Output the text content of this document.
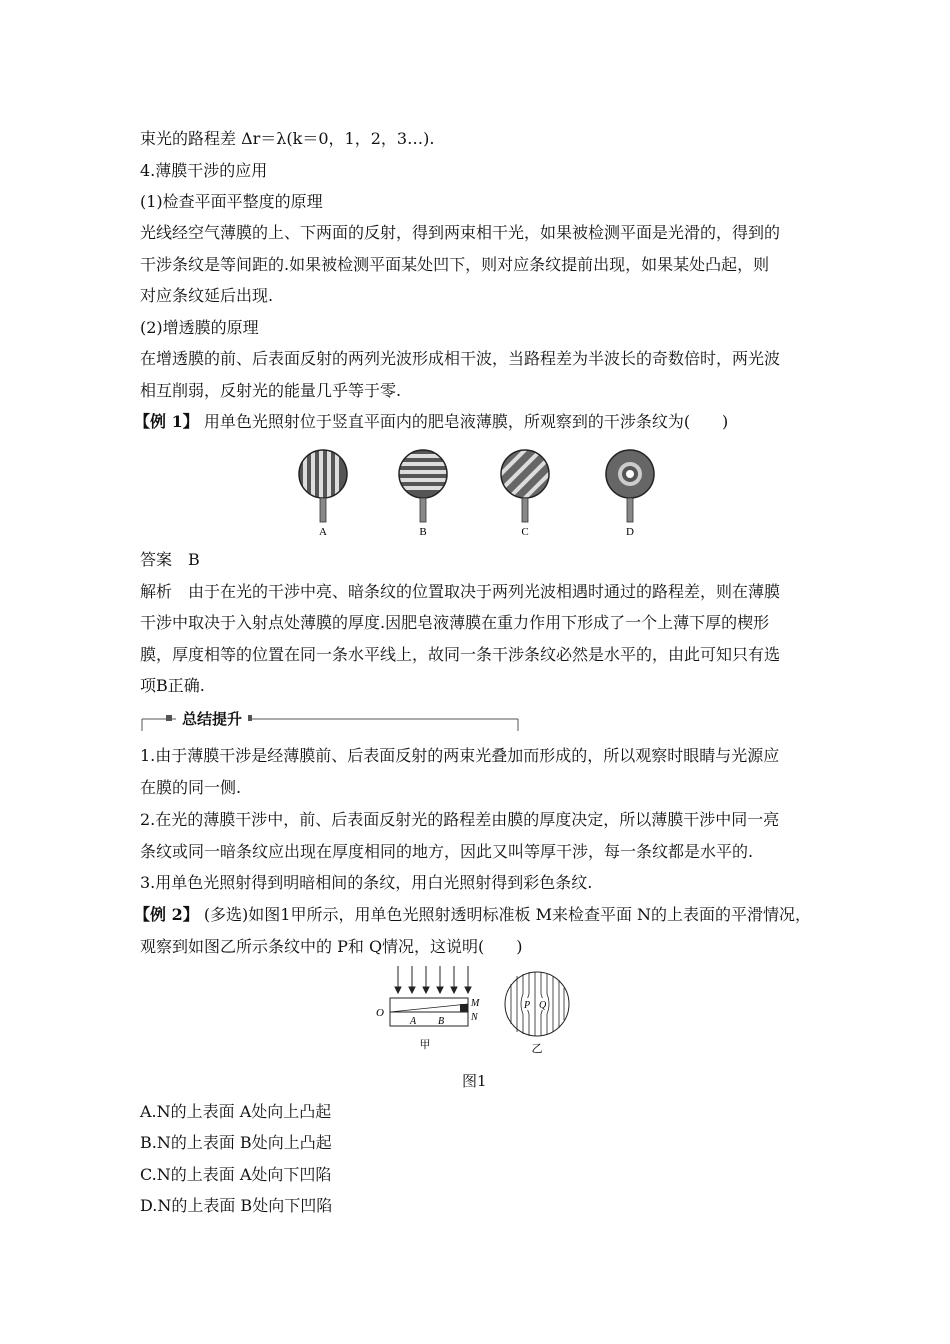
束光的路程差 Δr＝λ(k＝0，1，2，3…).
4.薄膜干涉的应用
(1)检查平面平整度的原理
光线经空气薄膜的上、下两面的反射，得到两束相干光，如果被检测平面是光滑的，得到的
干涉条纹是等间距的.如果被检测平面某处凹下，则对应条纹提前出现，如果某处凸起，则
对应条纹延后出现.
(2)增透膜的原理
在增透膜的前、后表面反射的两列光波形成相干波，当路程差为半波长的奇数倍时，两光波
相互削弱，反射光的能量几乎等于零.
【例 1】 用单色光照射位于竖直平面内的肥皂液薄膜，所观察到的干涉条纹为(　　)
A	B	C	D
答案　 B
解析　 由于在光的干涉中亮、暗条纹的位置取决于两列光波相遇时通过的路程差，则在薄膜
干涉中取决于入射点处薄膜的厚度.因肥皂液薄膜在重力作用下形成了一个上薄下厚的楔形
膜，厚度相等的位置在同一条水平线上，故同一条干涉条纹必然是水平的，由此可知只有选
项B正确.
总结提升
1.由于薄膜干涉是经薄膜前、后表面反射的两束光叠加而形成的，所以观察时眼睛与光源应
在膜的同一侧.
2.在光的薄膜干涉中，前、后表面反射光的路程差由膜的厚度决定，所以薄膜干涉中同一亮
条纹或同一暗条纹应出现在厚度相同的地方，因此又叫等厚干涉，每一条纹都是水平的.
3.用单色光照射得到明暗相间的条纹，用白光照射得到彩色条纹.
【例 2】 (多选)如图1甲所示，用单色光照射透明标准板 M来检查平面 N的上表面的平滑情况，
观察到如图乙所示条纹中的 P和 Q情况，这说明(　　)
O
A B
M
N
甲
P Q
乙
图1
A.N的上表面 A处向上凸起
B.N的上表面 B处向上凸起
C.N的上表面 A处向下凹陷
D.N的上表面 B处向下凹陷
